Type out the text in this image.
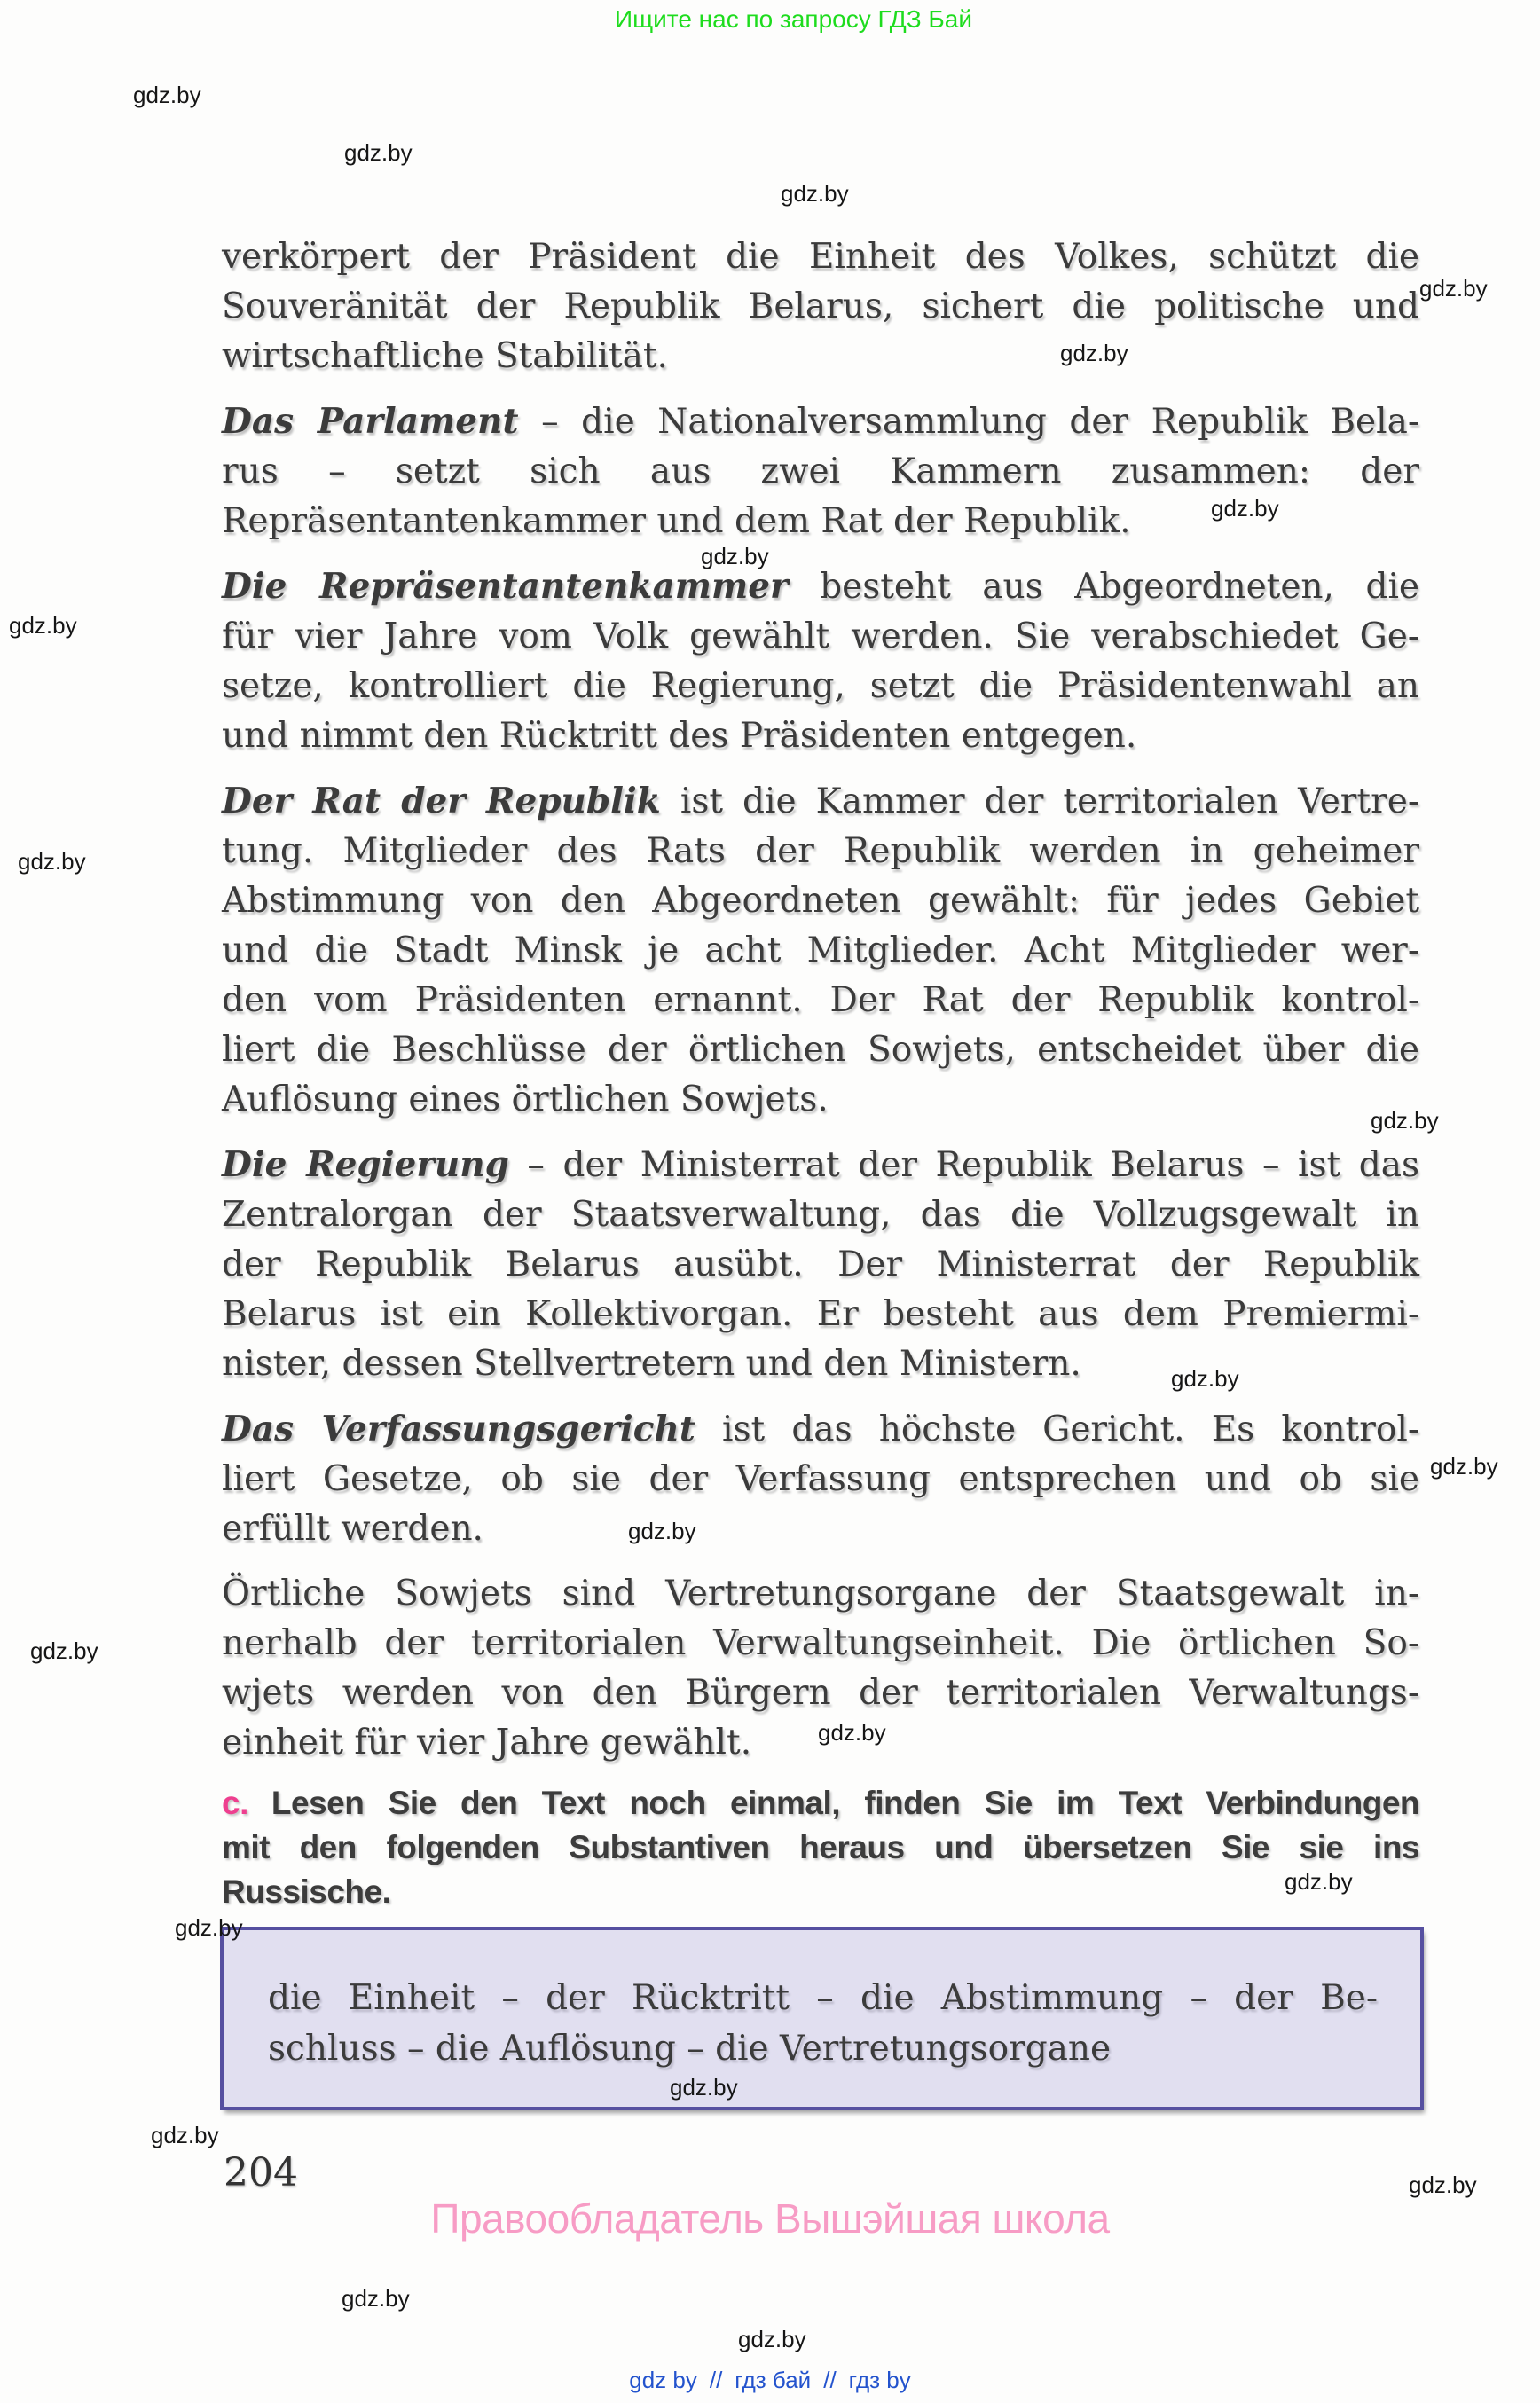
Ищите нас по запросу ГДЗ Бай
gdz.by
gdz.by
gdz.by
gdz.by
gdz.by
gdz.by
gdz.by
gdz.by
gdz.by
gdz.by
gdz.by
gdz.by
gdz.by
gdz.by
gdz.by
gdz.by
gdz.by
gdz.by
gdz.by
gdz.by
gdz.by
gdz.by
verkörpert der Präsident die Einheit des Volkes, schützt die
Souveränität der Republik Belarus, sichert die politische und
wirtschaftliche Stabilität.
Das Parlament – die Nationalversammlung der Republik Bela-
rus – setzt sich aus zwei Kammern zusammen: der
Repräsentantenkammer und dem Rat der Republik.
Die Repräsentantenkammer besteht aus Abgeordneten, die
für vier Jahre vom Volk gewählt werden. Sie verabschiedet Ge-
setze, kontrolliert die Regierung, setzt die Präsidentenwahl an
und nimmt den Rücktritt des Präsidenten entgegen.
Der Rat der Republik ist die Kammer der territorialen Vertre-
tung. Mitglieder des Rats der Republik werden in geheimer
Abstimmung von den Abgeordneten gewählt: für jedes Gebiet
und die Stadt Minsk je acht Mitglieder. Acht Mitglieder wer-
den vom Präsidenten ernannt. Der Rat der Republik kontrol-
liert die Beschlüsse der örtlichen Sowjets, entscheidet über die
Auflösung eines örtlichen Sowjets.
Die Regierung – der Ministerrat der Republik Belarus – ist das
Zentralorgan der Staatsverwaltung, das die Vollzugsgewalt in
der Republik Belarus ausübt. Der Ministerrat der Republik
Belarus ist ein Kollektivorgan. Er besteht aus dem Premiermi-
nister, dessen Stellvertretern und den Ministern.
Das Verfassungsgericht ist das höchste Gericht. Es kontrol-
liert Gesetze, ob sie der Verfassung entsprechen und ob sie
erfüllt werden.
Örtliche Sowjets sind Vertretungsorgane der Staatsgewalt in-
nerhalb der territorialen Verwaltungseinheit. Die örtlichen So-
wjets werden von den Bürgern der territorialen Verwaltungs-
einheit für vier Jahre gewählt.
c. Lesen Sie den Text noch einmal, finden Sie im Text Verbindungen
mit den folgenden Substantiven heraus und übersetzen Sie sie ins
Russische.
die Einheit – der Rücktritt – die Abstimmung – der Be-
schluss – die Auflösung – die Vertretungsorgane
204
Правообладатель Вышэйшая школа
gdz by // гдз бай // гдз by
